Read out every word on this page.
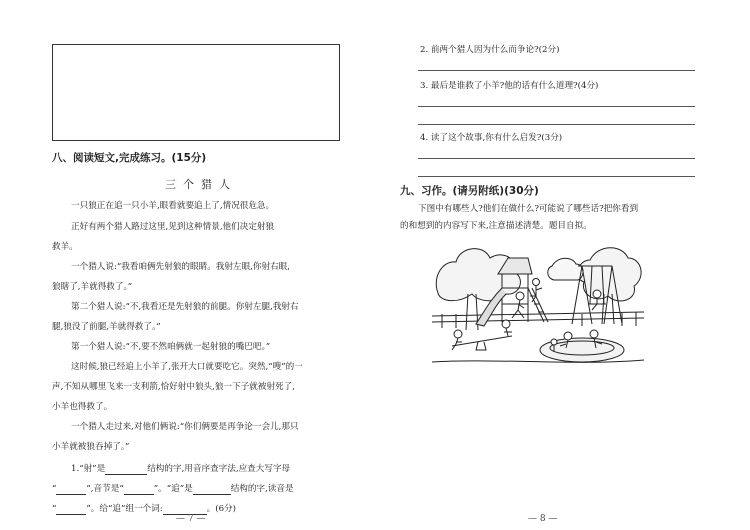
八、阅读短文,完成练习。(15分)
三个猎人
一只狼正在追一只小羊,眼看就要追上了,情况很危急。
正好有两个猎人路过这里,见到这种情景,他们决定射狼
救羊。
一个猎人说:“我看咱俩先射狼的眼睛。我射左眼,你射右眼,
狼瞎了,羊就得救了。”
第二个猎人说:“不,我看还是先射狼的前腿。你射左腿,我射右
腿,狼没了前腿,羊就得救了。”
第一个猎人说:“不,要不然咱俩就一起射狼的嘴巴吧。”
这时候,狼已经追上小羊了,张开大口就要吃它。突然,“嗖”的一
声,不知从哪里飞来一支利箭,恰好射中狼头,狼一下子就被射死了,
小羊也得救了。
一个猎人走过来,对他们俩说:“你们俩要是再争论一会儿,那只
小羊就被狼吞掉了。”
1.“射”是	结构的字,用音序查字法,应查大写字母
“	”,音节是“	”。“追”是	结构的字,读音是
“	”。给“追”组一个词:	。(6分)
— 7 —
2. 前两个猎人因为什么而争论?(2分)
3. 最后是谁救了小羊?他的话有什么道理?(4分)
4. 读了这个故事,你有什么启发?(3分)
九、习作。(请另附纸)(30分)
下图中有哪些人?他们在做什么?可能说了哪些话?把你看到
的和想到的内容写下来,注意描述清楚。题目自拟。
— 8 —
